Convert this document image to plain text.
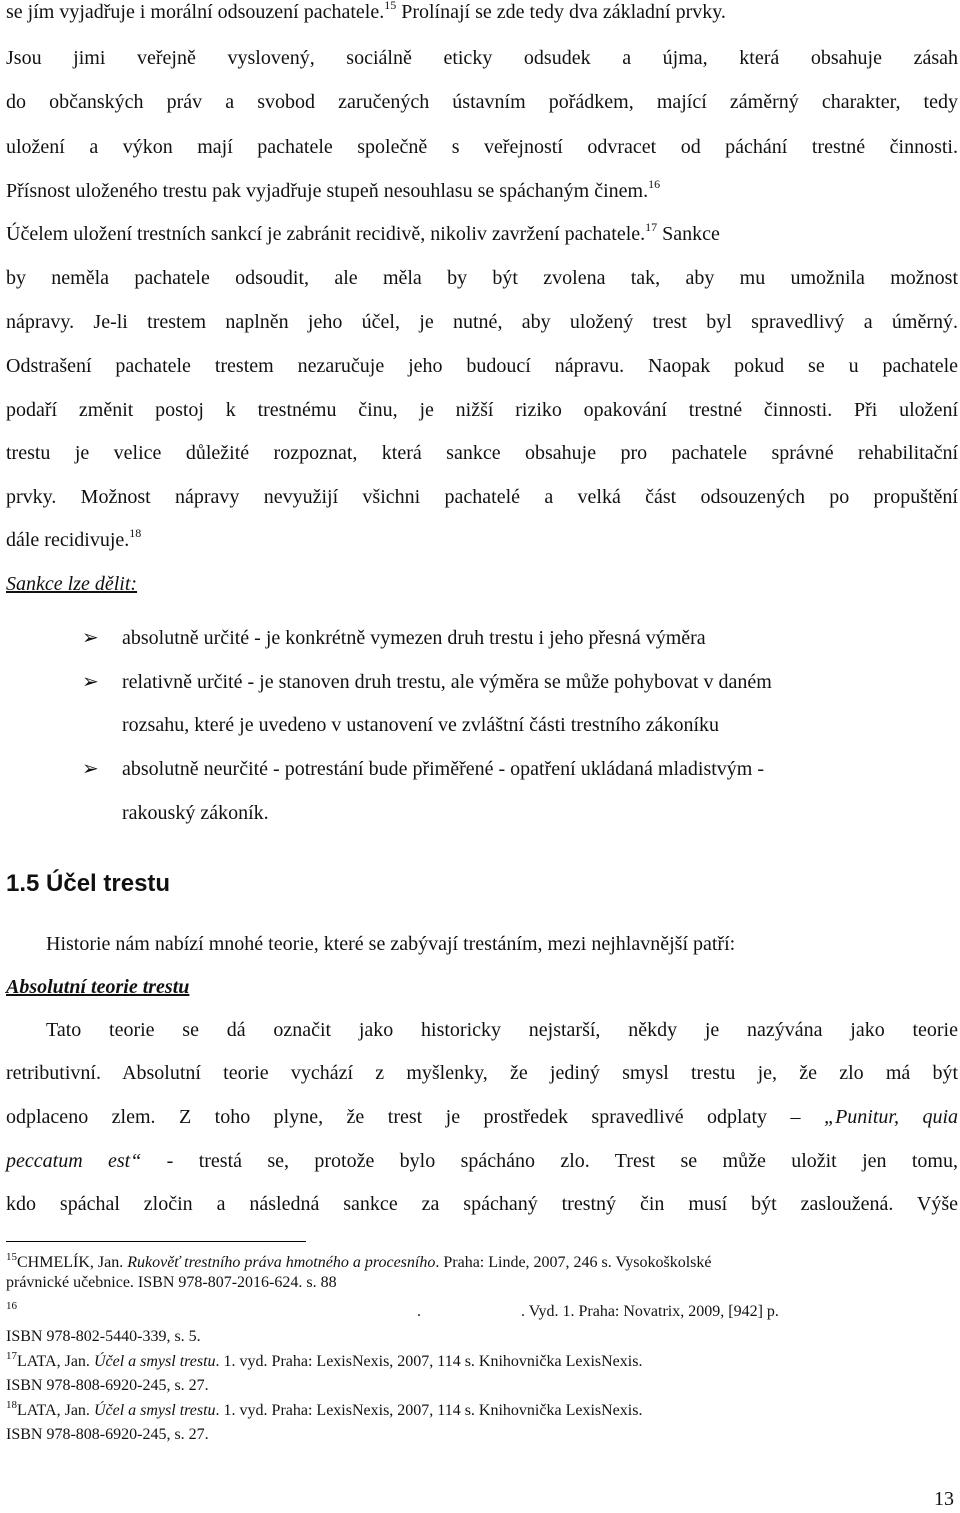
se jím vyjadřuje i morální odsouzení pachatele.$^{15}$ Prolínají se zde tedy dva základní prvky.
Jsou jimi veřejně vyslovený, sociálně eticky odsudek a újma, která obsahuje zásah
do občanských práv a svobod zaručených ústavním pořádkem, mající záměrný charakter, tedy
uložení a výkon mají pachatele společně s veřejností odvracet od páchání trestné činnosti.
Přísnost uloženého trestu pak vyjadřuje stupeň nesouhlasu se spáchaným činem.$^{16}$
Účelem uložení trestních sankcí je zabránit recidivě, nikoliv zavržení pachatele.$^{17}$ Sankce
by neměla pachatele odsoudit, ale měla by být zvolena tak, aby mu umožnila možnost
nápravy. Je-li trestem naplněn jeho účel, je nutné, aby uložený trest byl spravedlivý a úměrný.
Odstrašení pachatele trestem nezaručuje jeho budoucí nápravu. Naopak pokud se u pachatele
podaří změnit postoj k trestnému činu, je nižší riziko opakování trestné činnosti. Při uložení
trestu je velice důležité rozpoznat, která sankce obsahuje pro pachatele správné rehabilitační
prvky. Možnost nápravy nevyužijí všichni pachatelé a velká část odsouzených po propuštění
dále recidivuje.$^{18}$
Sankce lze dělit:
➢ absolutně určité - je konkrétně vymezen druh trestu i jeho přesná výměra
➢ relativně určité - je stanoven druh trestu, ale výměra se může pohybovat v daném
rozsahu, které je uvedeno v ustanovení ve zvláštní části trestního zákoníku
➢ absolutně neurčité - potrestání bude přiměřené - opatření ukládaná mladistvým -
rakouský zákoník.
1.5 Účel trestu
Historie nám nabízí mnohé teorie, které se zabývají trestáním, mezi nejhlavnější patří:
Absolutní teorie trestu
Tato teorie se dá označit jako historicky nejstarší, někdy je nazývána jako teorie
retributivní. Absolutní teorie vychází z myšlenky, že jediný smysl trestu je, že zlo má být
odplaceno zlem. Z toho plyne, že trest je prostředek spravedlivé odplaty – „Punitur, quia
peccatum est“ - trestá se, protože bylo spácháno zlo. Trest se může uložit jen tomu,
kdo spáchal zločin a následná sankce za spáchaný trestný čin musí být zasloužená. Výše
$^{15}$CHMELÍK, Jan. Rukověť trestního práva hmotného a procesního. Praha: Linde, 2007, 246 s. Vysokoškolské
právnické učebnice. ISBN 978-807-2016-624. s. 88
$^{16}$	.	. Vyd. 1. Praha: Novatrix, 2009, [942] p.
ISBN 978-802-5440-339, s. 5.
$^{17}$LATA, Jan. Účel a smysl trestu. 1. vyd. Praha: LexisNexis, 2007, 114 s. Knihovnička LexisNexis.
ISBN 978-808-6920-245, s. 27.
$^{18}$LATA, Jan. Účel a smysl trestu. 1. vyd. Praha: LexisNexis, 2007, 114 s. Knihovnička LexisNexis.
ISBN 978-808-6920-245, s. 27.
13
